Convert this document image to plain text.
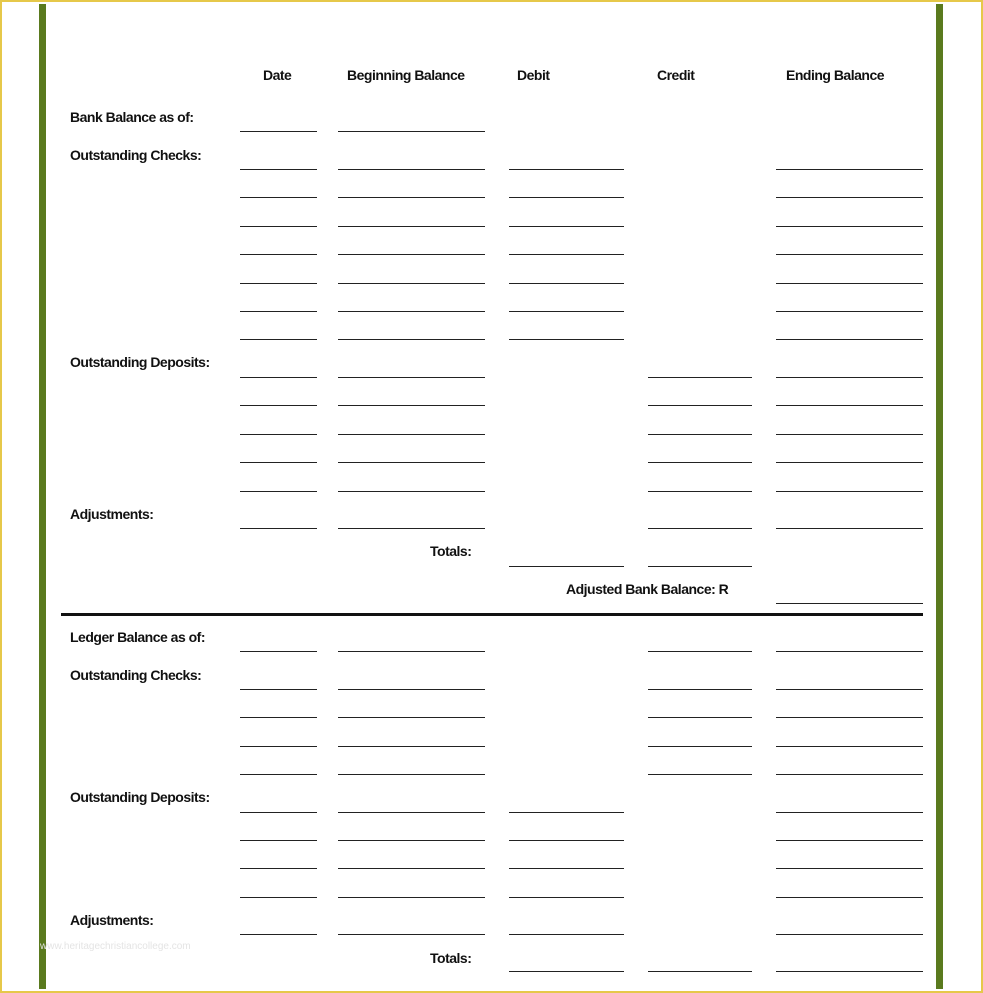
Date	Beginning Balance	Debit	Credit	Ending Balance
Bank Balance as of:
Outstanding Checks:
Outstanding Deposits:
Adjustments:
Totals:
Adjusted Bank Balance: R
Ledger Balance as of:
Outstanding Checks:
Outstanding Deposits:
Adjustments:
Totals:
www.heritagechristiancollege.com
